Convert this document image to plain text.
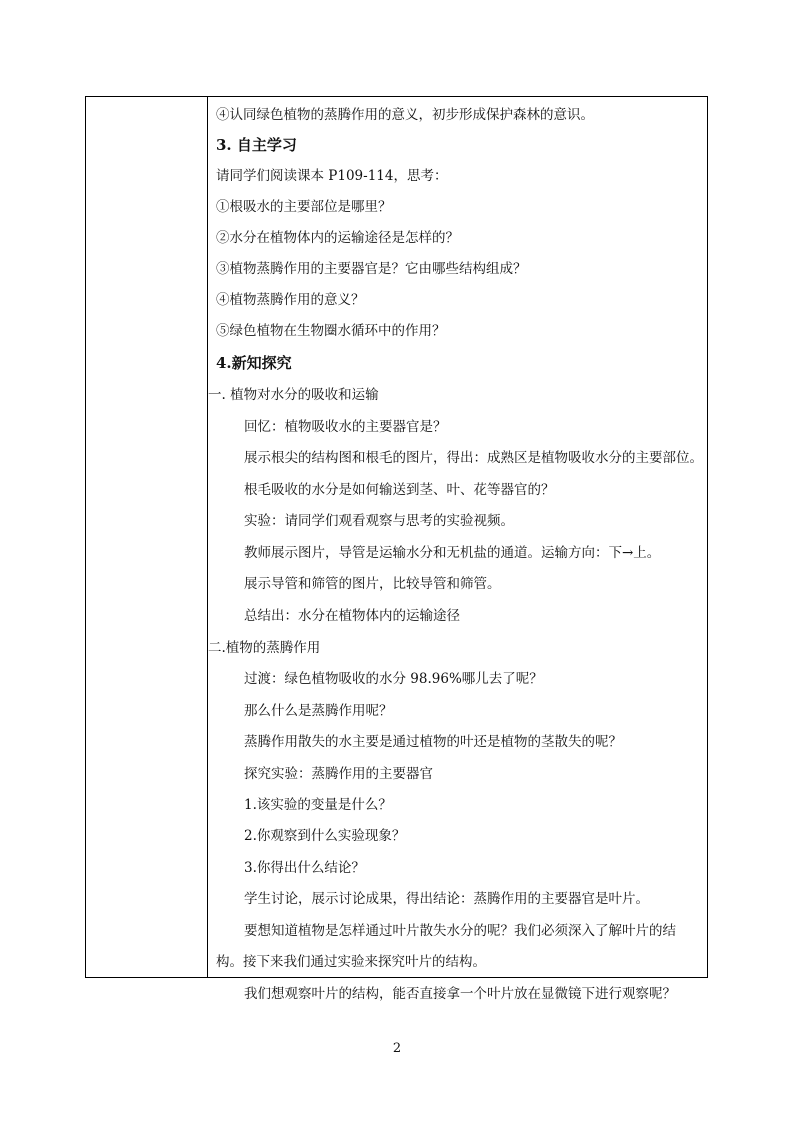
④认同绿色植物的蒸腾作用的意义，初步形成保护森林的意识。
3. 自主学习
请同学们阅读课本 P109-114，思考：
①根吸水的主要部位是哪里？
②水分在植物体内的运输途径是怎样的？
③植物蒸腾作用的主要器官是？它由哪些结构组成？
④植物蒸腾作用的意义？
⑤绿色植物在生物圈水循环中的作用？
4.新知探究
一. 植物对水分的吸收和运输
回忆：植物吸收水的主要器官是？
展示根尖的结构图和根毛的图片，得出：成熟区是植物吸收水分的主要部位。
根毛吸收的水分是如何输送到茎、叶、花等器官的？
实验：请同学们观看观察与思考的实验视频。
教师展示图片，导管是运输水分和无机盐的通道。运输方向：下→上。
展示导管和筛管的图片，比较导管和筛管。
总结出：水分在植物体内的运输途径
二.植物的蒸腾作用
过渡：绿色植物吸收的水分 98.96%哪儿去了呢？
那么什么是蒸腾作用呢？
蒸腾作用散失的水主要是通过植物的叶还是植物的茎散失的呢？
探究实验：蒸腾作用的主要器官
1.该实验的变量是什么？
2.你观察到什么实验现象？
3.你得出什么结论？
学生讨论，展示讨论成果，得出结论：蒸腾作用的主要器官是叶片。
要想知道植物是怎样通过叶片散失水分的呢？我们必须深入了解叶片的结
构。接下来我们通过实验来探究叶片的结构。
我们想观察叶片的结构，能否直接拿一个叶片放在显微镜下进行观察呢？
2
